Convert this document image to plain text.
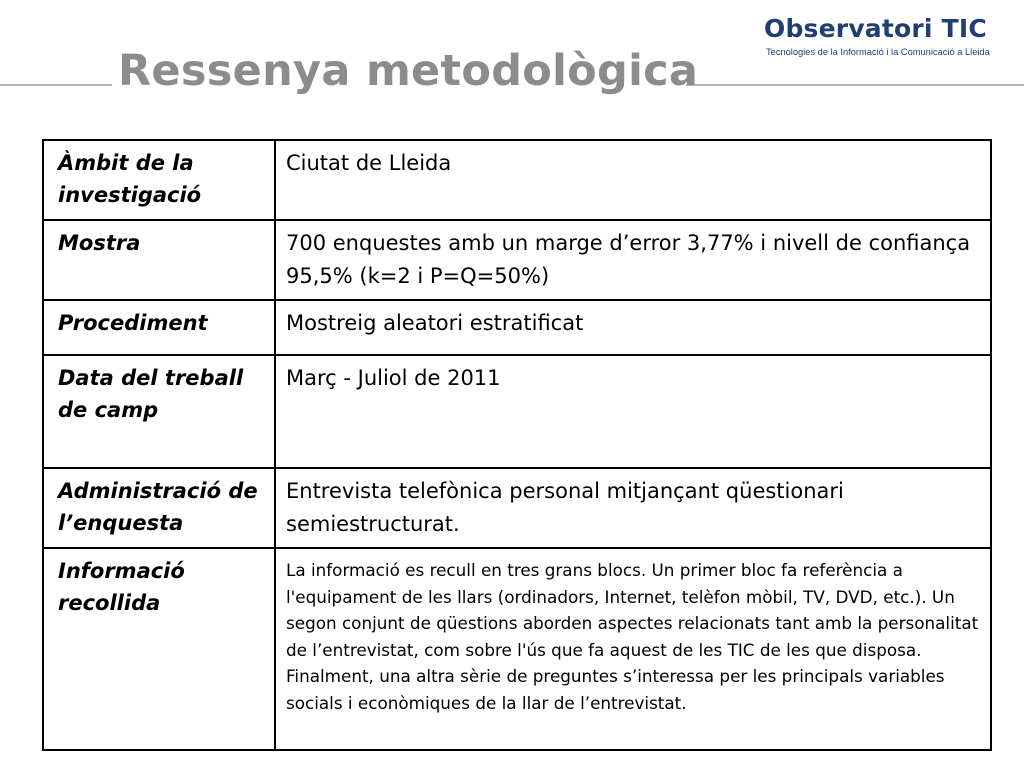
Ressenya metodològica
Observatori TIC
Tecnologies de la Informació i la Comunicació a Lleida
Àmbit de la investigació	Ciutat de Lleida
Mostra	700 enquestes amb un marge d’error 3,77% i nivell de confiança 95,5% (k=2 i P=Q=50%)
Procediment	Mostreig aleatori estratificat
Data del treball de camp	Març - Juliol de 2011
Administració de l’enquesta	Entrevista telefònica personal mitjançant qüestionari semiestructurat.
Informació recollida	La informació es recull en tres grans blocs. Un primer bloc fa referència a l'equipament de les llars (ordinadors, Internet, telèfon mòbil, TV, DVD, etc.). Un segon conjunt de qüestions aborden aspectes relacionats tant amb la personalitat de l’entrevistat, com sobre l'ús que fa aquest de les TIC de les que disposa. Finalment, una altra sèrie de preguntes s’interessa per les principals variables socials i econòmiques de la llar de l’entrevistat.
